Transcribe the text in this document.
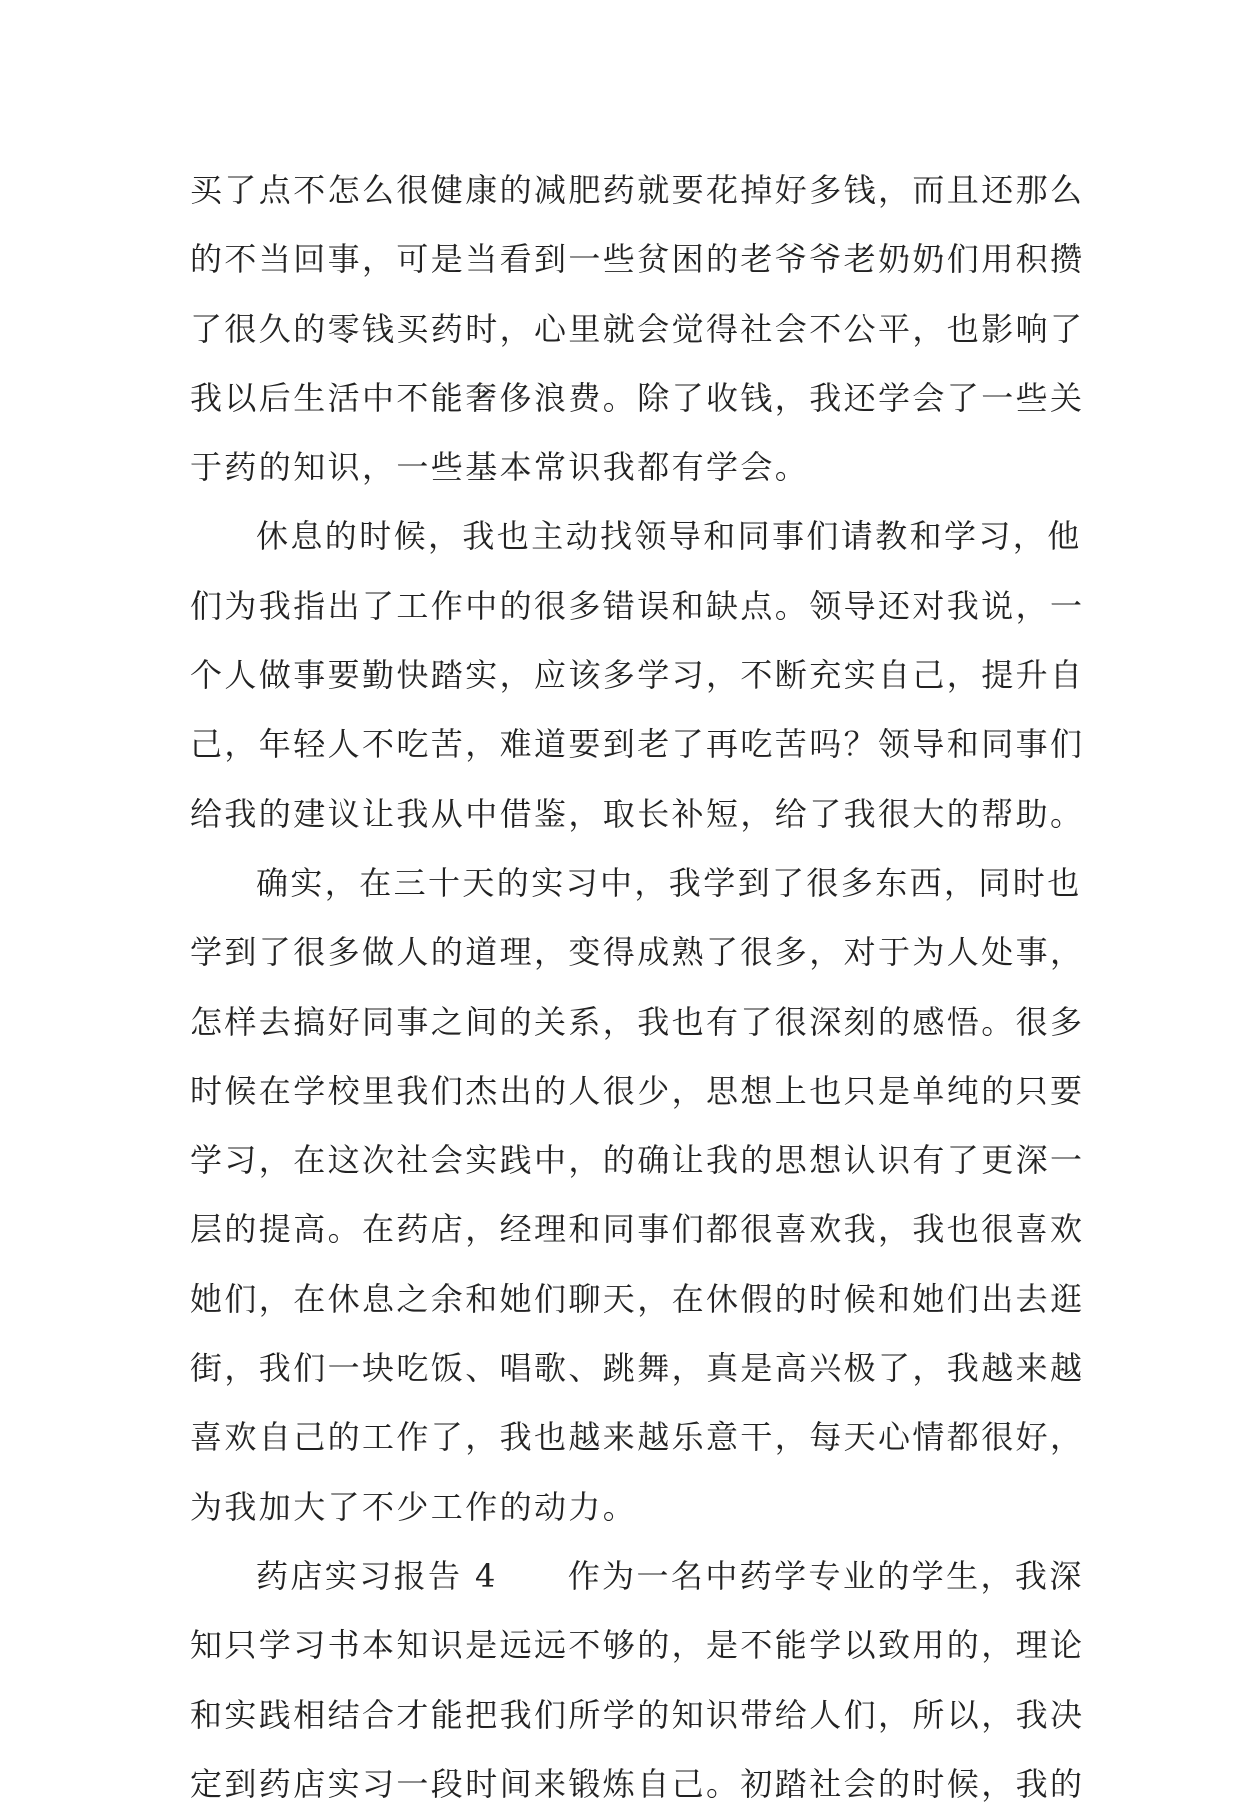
买了点不怎么很健康的减肥药就要花掉好多钱，而且还那么
的不当回事，可是当看到一些贫困的老爷爷老奶奶们用积攒
了很久的零钱买药时，心里就会觉得社会不公平，也影响了
我以后生活中不能奢侈浪费。除了收钱，我还学会了一些关
于药的知识，一些基本常识我都有学会。
休息的时候，我也主动找领导和同事们请教和学习，他
们为我指出了工作中的很多错误和缺点。领导还对我说，一
个人做事要勤快踏实，应该多学习，不断充实自己，提升自
己，年轻人不吃苦，难道要到老了再吃苦吗？领导和同事们
给我的建议让我从中借鉴，取长补短，给了我很大的帮助。
确实，在三十天的实习中，我学到了很多东西，同时也
学到了很多做人的道理，变得成熟了很多，对于为人处事，
怎样去搞好同事之间的关系，我也有了很深刻的感悟。很多
时候在学校里我们杰出的人很少，思想上也只是单纯的只要
学习，在这次社会实践中，的确让我的思想认识有了更深一
层的提高。在药店，经理和同事们都很喜欢我，我也很喜欢
她们，在休息之余和她们聊天，在休假的时候和她们出去逛
街，我们一块吃饭、唱歌、跳舞，真是高兴极了，我越来越
喜欢自己的工作了，我也越来越乐意干，每天心情都很好，
为我加大了不少工作的动力。
药店实习报告 4 作为一名中药学专业的学生，我深
知只学习书本知识是远远不够的，是不能学以致用的，理论
和实践相结合才能把我们所学的知识带给人们，所以，我决
定到药店实习一段时间来锻炼自己。初踏社会的时候，我的
